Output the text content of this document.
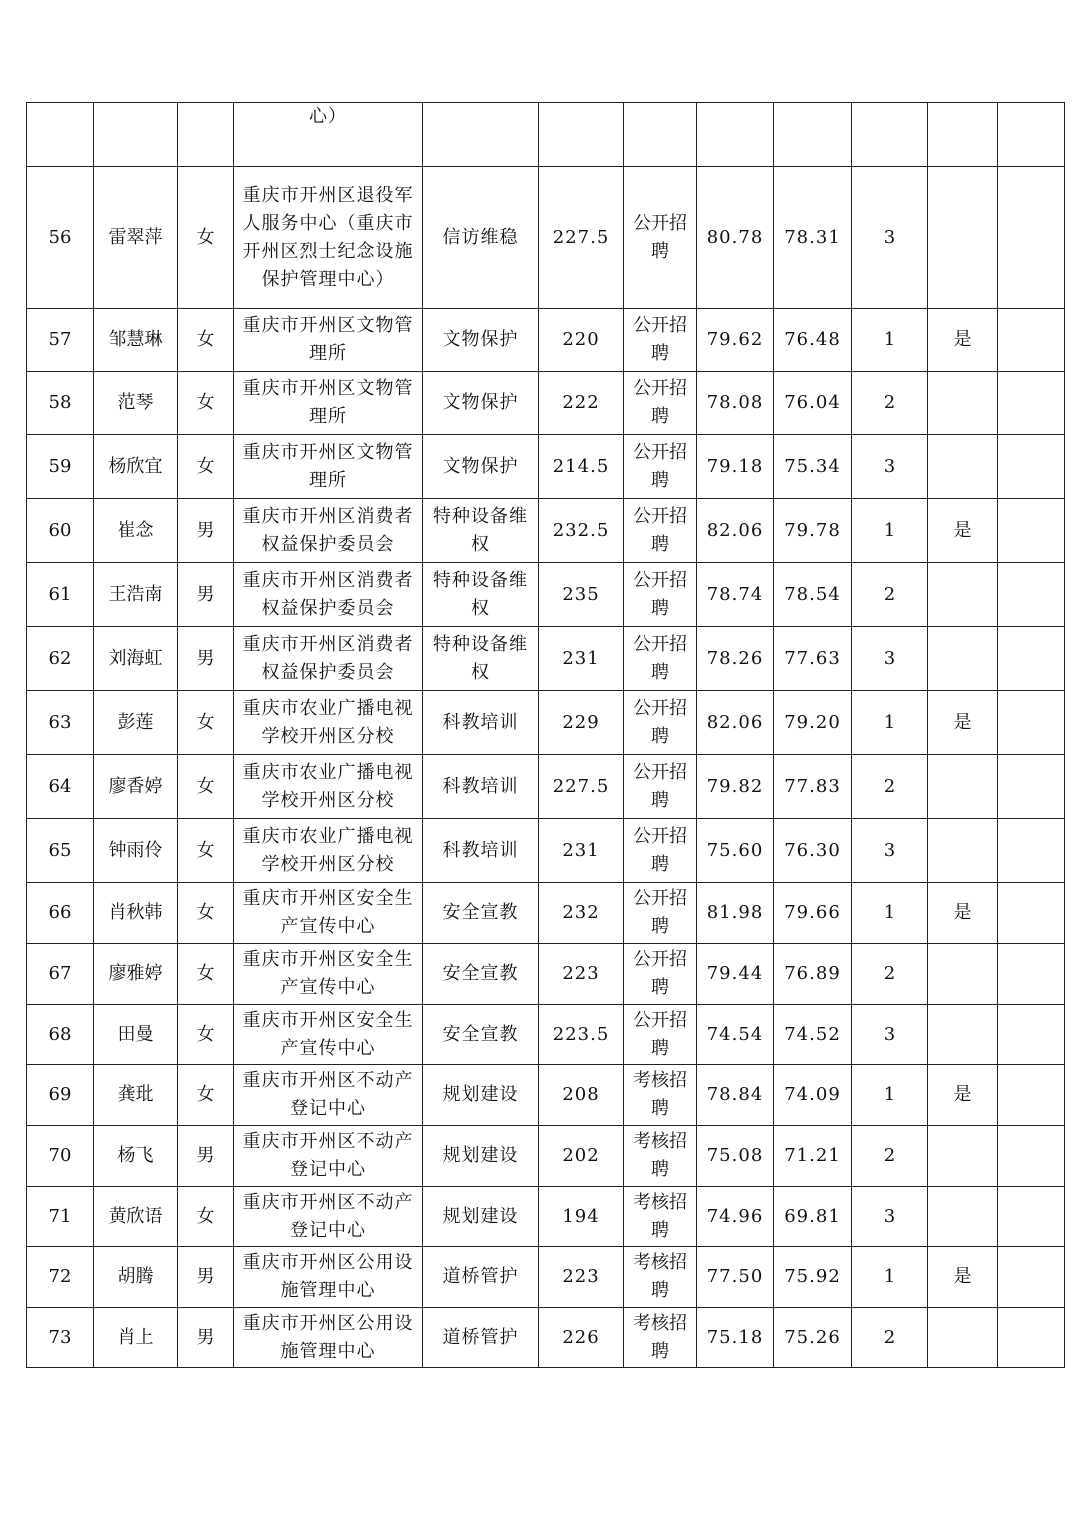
			心）								
56	雷翠萍	女	重庆市开州区退役军人服务中心（重庆市开州区烈士纪念设施保护管理中心）	信访维稳	227.5	公开招聘	80.78	78.31	3		
57	邹慧琳	女	重庆市开州区文物管理所	文物保护	220	公开招聘	79.62	76.48	1	是	
58	范琴	女	重庆市开州区文物管理所	文物保护	222	公开招聘	78.08	76.04	2		
59	杨欣宜	女	重庆市开州区文物管理所	文物保护	214.5	公开招聘	79.18	75.34	3		
60	崔念	男	重庆市开州区消费者权益保护委员会	特种设备维权	232.5	公开招聘	82.06	79.78	1	是	
61	王浩南	男	重庆市开州区消费者权益保护委员会	特种设备维权	235	公开招聘	78.74	78.54	2		
62	刘海虹	男	重庆市开州区消费者权益保护委员会	特种设备维权	231	公开招聘	78.26	77.63	3		
63	彭莲	女	重庆市农业广播电视学校开州区分校	科教培训	229	公开招聘	82.06	79.20	1	是	
64	廖香婷	女	重庆市农业广播电视学校开州区分校	科教培训	227.5	公开招聘	79.82	77.83	2		
65	钟雨伶	女	重庆市农业广播电视学校开州区分校	科教培训	231	公开招聘	75.60	76.30	3		
66	肖秋韩	女	重庆市开州区安全生产宣传中心	安全宣教	232	公开招聘	81.98	79.66	1	是	
67	廖雅婷	女	重庆市开州区安全生产宣传中心	安全宣教	223	公开招聘	79.44	76.89	2		
68	田曼	女	重庆市开州区安全生产宣传中心	安全宣教	223.5	公开招聘	74.54	74.52	3		
69	龚玭	女	重庆市开州区不动产登记中心	规划建设	208	考核招聘	78.84	74.09	1	是	
70	杨飞	男	重庆市开州区不动产登记中心	规划建设	202	考核招聘	75.08	71.21	2		
71	黄欣语	女	重庆市开州区不动产登记中心	规划建设	194	考核招聘	74.96	69.81	3		
72	胡腾	男	重庆市开州区公用设施管理中心	道桥管护	223	考核招聘	77.50	75.92	1	是	
73	肖上	男	重庆市开州区公用设施管理中心	道桥管护	226	考核招聘	75.18	75.26	2		
